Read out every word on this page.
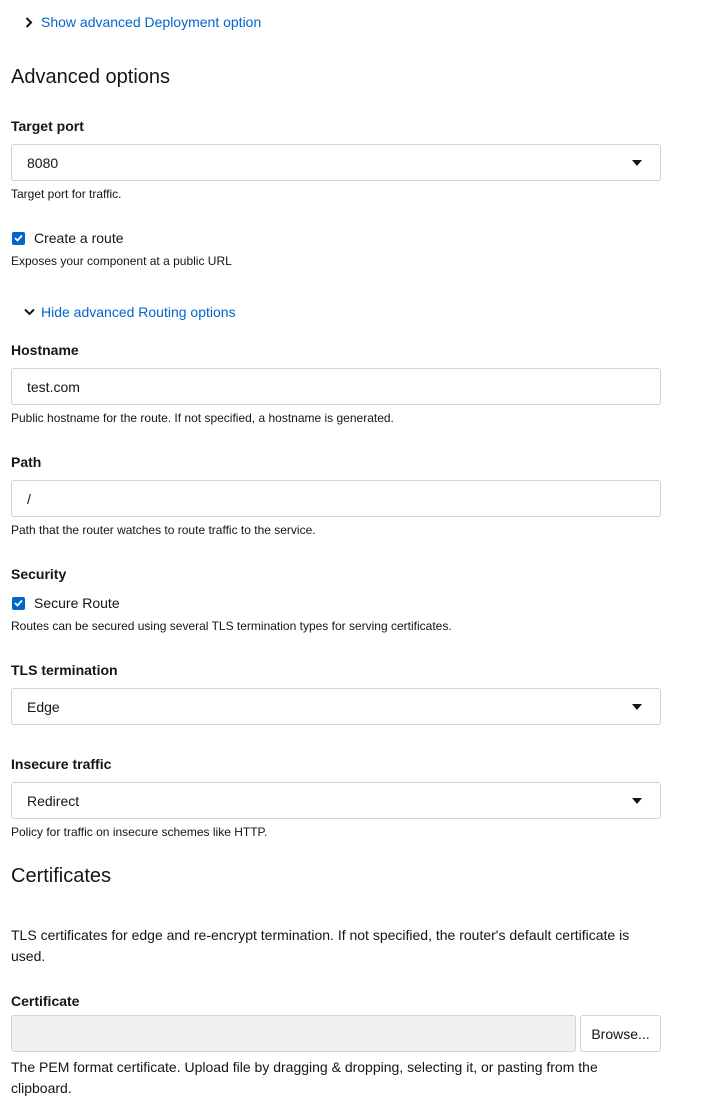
Show advanced Deployment option
Advanced options
Target port
8080
Target port for traffic.
Create a route
Exposes your component at a public URL
Hide advanced Routing options
Hostname
test.com
Public hostname for the route. If not specified, a hostname is generated.
Path
/
Path that the router watches to route traffic to the service.
Security
Secure Route
Routes can be secured using several TLS termination types for serving certificates.
TLS termination
Edge
Insecure traffic
Redirect
Policy for traffic on insecure schemes like HTTP.
Certificates
TLS certificates for edge and re-encrypt termination. If not specified, the router's default certificate is used.
Certificate
Browse...
The PEM format certificate. Upload file by dragging & dropping, selecting it, or pasting from the clipboard.
